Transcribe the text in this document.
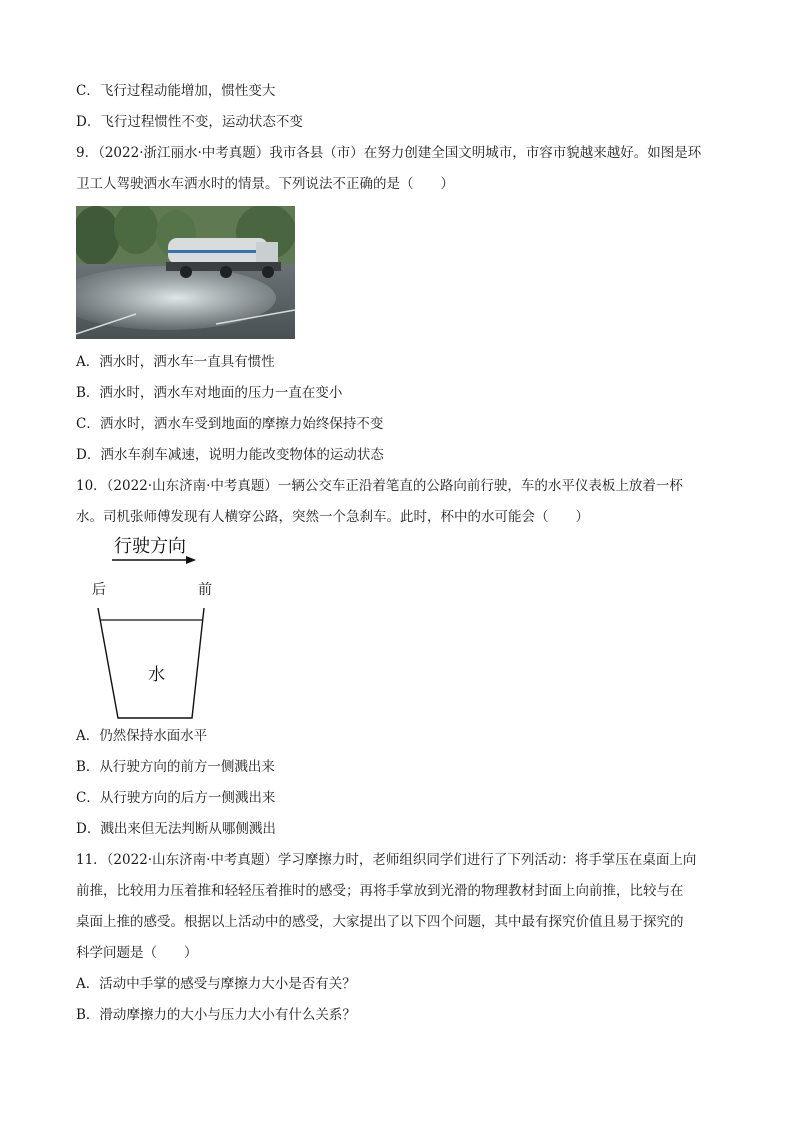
C．飞行过程动能增加，惯性变大
D．飞行过程惯性不变，运动状态不变
9．（2022·浙江丽水·中考真题）我市各县（市）在努力创建全国文明城市，市容市貌越来越好。如图是环
卫工人驾驶洒水车洒水时的情景。下列说法不正确的是（　　）
A．洒水时，洒水车一直具有惯性
B．洒水时，洒水车对地面的压力一直在变小
C．洒水时，洒水车受到地面的摩擦力始终保持不变
D．洒水车刹车减速，说明力能改变物体的运动状态
10．（2022·山东济南·中考真题）一辆公交车正沿着笔直的公路向前行驶，车的水平仪表板上放着一杯
水。司机张师傅发现有人横穿公路，突然一个急刹车。此时，杯中的水可能会（　　）
行驶方向
后	前
水
A．仍然保持水面水平
B．从行驶方向的前方一侧溅出来
C．从行驶方向的后方一侧溅出来
D．溅出来但无法判断从哪侧溅出
11．（2022·山东济南·中考真题）学习摩擦力时，老师组织同学们进行了下列活动：将手掌压在桌面上向
前推，比较用力压着推和轻轻压着推时的感受；再将手掌放到光滑的物理教材封面上向前推，比较与在
桌面上推的感受。根据以上活动中的感受，大家提出了以下四个问题，其中最有探究价值且易于探究的
科学问题是（　　）
A．活动中手掌的感受与摩擦力大小是否有关？
B．滑动摩擦力的大小与压力大小有什么关系？
